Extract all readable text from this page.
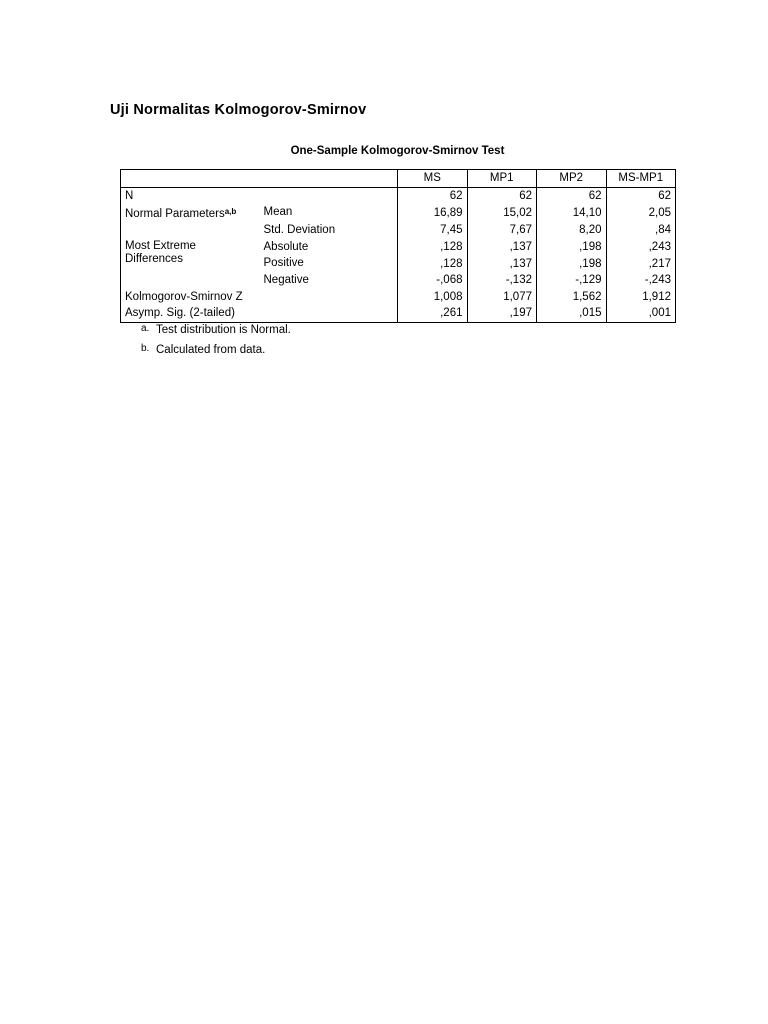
Uji Normalitas Kolmogorov-Smirnov
One-Sample Kolmogorov-Smirnov Test
		MS	MP1	MP2	MS-MP1
N		62	62	62	62
Normal Parameters$^{a,b}$	Mean	16,89	15,02	14,10	2,05
	Std. Deviation	7,45	7,67	8,20	,84
Most Extreme
Differences	Absolute	,128	,137	,198	,243
	Positive	,128	,137	,198	,217
	Negative	-,068	-,132	-,129	-,243
Kolmogorov-Smirnov Z		1,008	1,077	1,562	1,912
Asymp. Sig. (2-tailed)		,261	,197	,015	,001
a. Test distribution is Normal.
b. Calculated from data.
